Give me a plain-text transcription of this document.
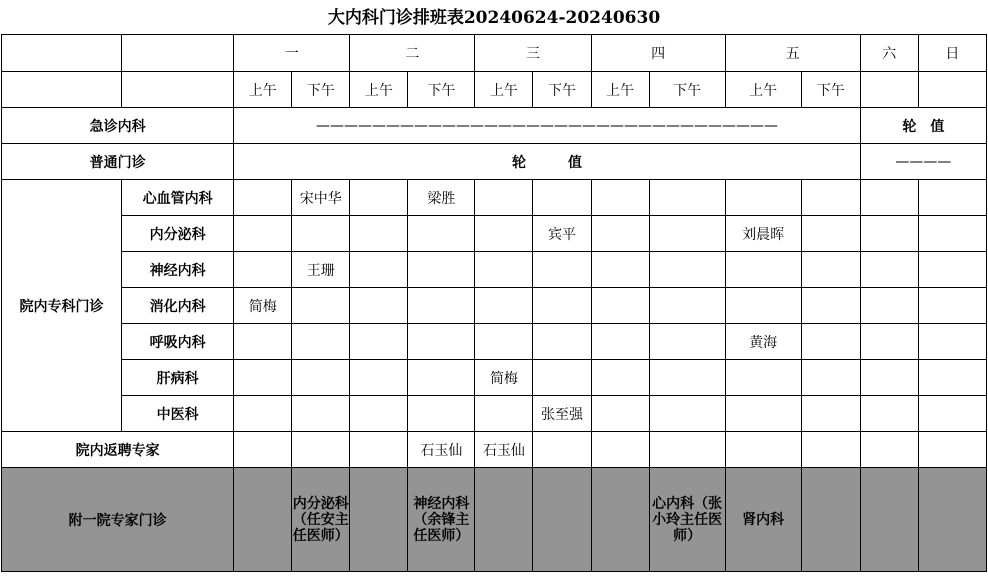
大内科门诊排班表20240624-20240630
		一		二		三		四		五		六	日
		上午	下午	上午	下午	上午	下午	上午	下午	上午	下午		
急诊内科		—————————————————————————————————										轮　值	
普通门诊		轮　　　值										————	
院内专科门诊	心血管内科		宋中华		梁胜								
	内分泌科						宾平			刘晨晖			
	神经内科		王珊										
	消化内科	简梅											
	呼吸内科									黄海			
	肝病科					简梅							
	中医科						张至强						
院内返聘专家					石玉仙	石玉仙							
附一院专家门诊			内分泌科（任安主任医师）		神经内科（余锋主任医师）				心内科（张小玲主任医师）	肾内科			
